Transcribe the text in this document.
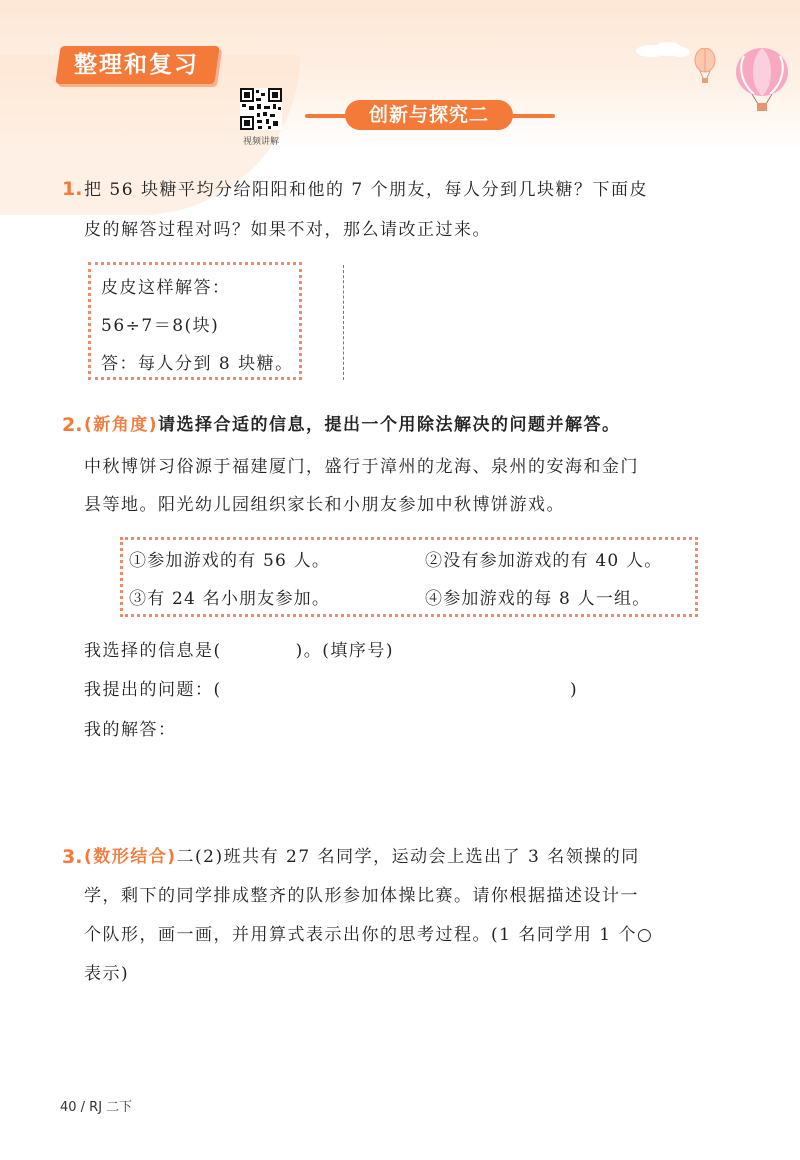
整理和复习
视频讲解
创新与探究二
1. 把 56 块糖平均分给阳阳和他的 7 个朋友，每人分到几块糖？下面皮
皮的解答过程对吗？如果不对，那么请改正过来。
皮皮这样解答：
56÷7＝8(块)
答：每人分到 8 块糖。
2. (新角度)请选择合适的信息，提出一个用除法解决的问题并解答。
中秋博饼习俗源于福建厦门，盛行于漳州的龙海、泉州的安海和金门
县等地。阳光幼儿园组织家长和小朋友参加中秋博饼游戏。
①参加游戏的有 56 人。	②没有参加游戏的有 40 人。
③有 24 名小朋友参加。	④参加游戏的每 8 人一组。
我选择的信息是(　　　　)。(填序号)
我提出的问题：(	)
我的解答：
3. (数形结合)二(2)班共有 27 名同学，运动会上选出了 3 名领操的同
学，剩下的同学排成整齐的队形参加体操比赛。请你根据描述设计一
个队形，画一画，并用算式表示出你的思考过程。(1 名同学用 1 个○
表示)
40 / RJ 二下
